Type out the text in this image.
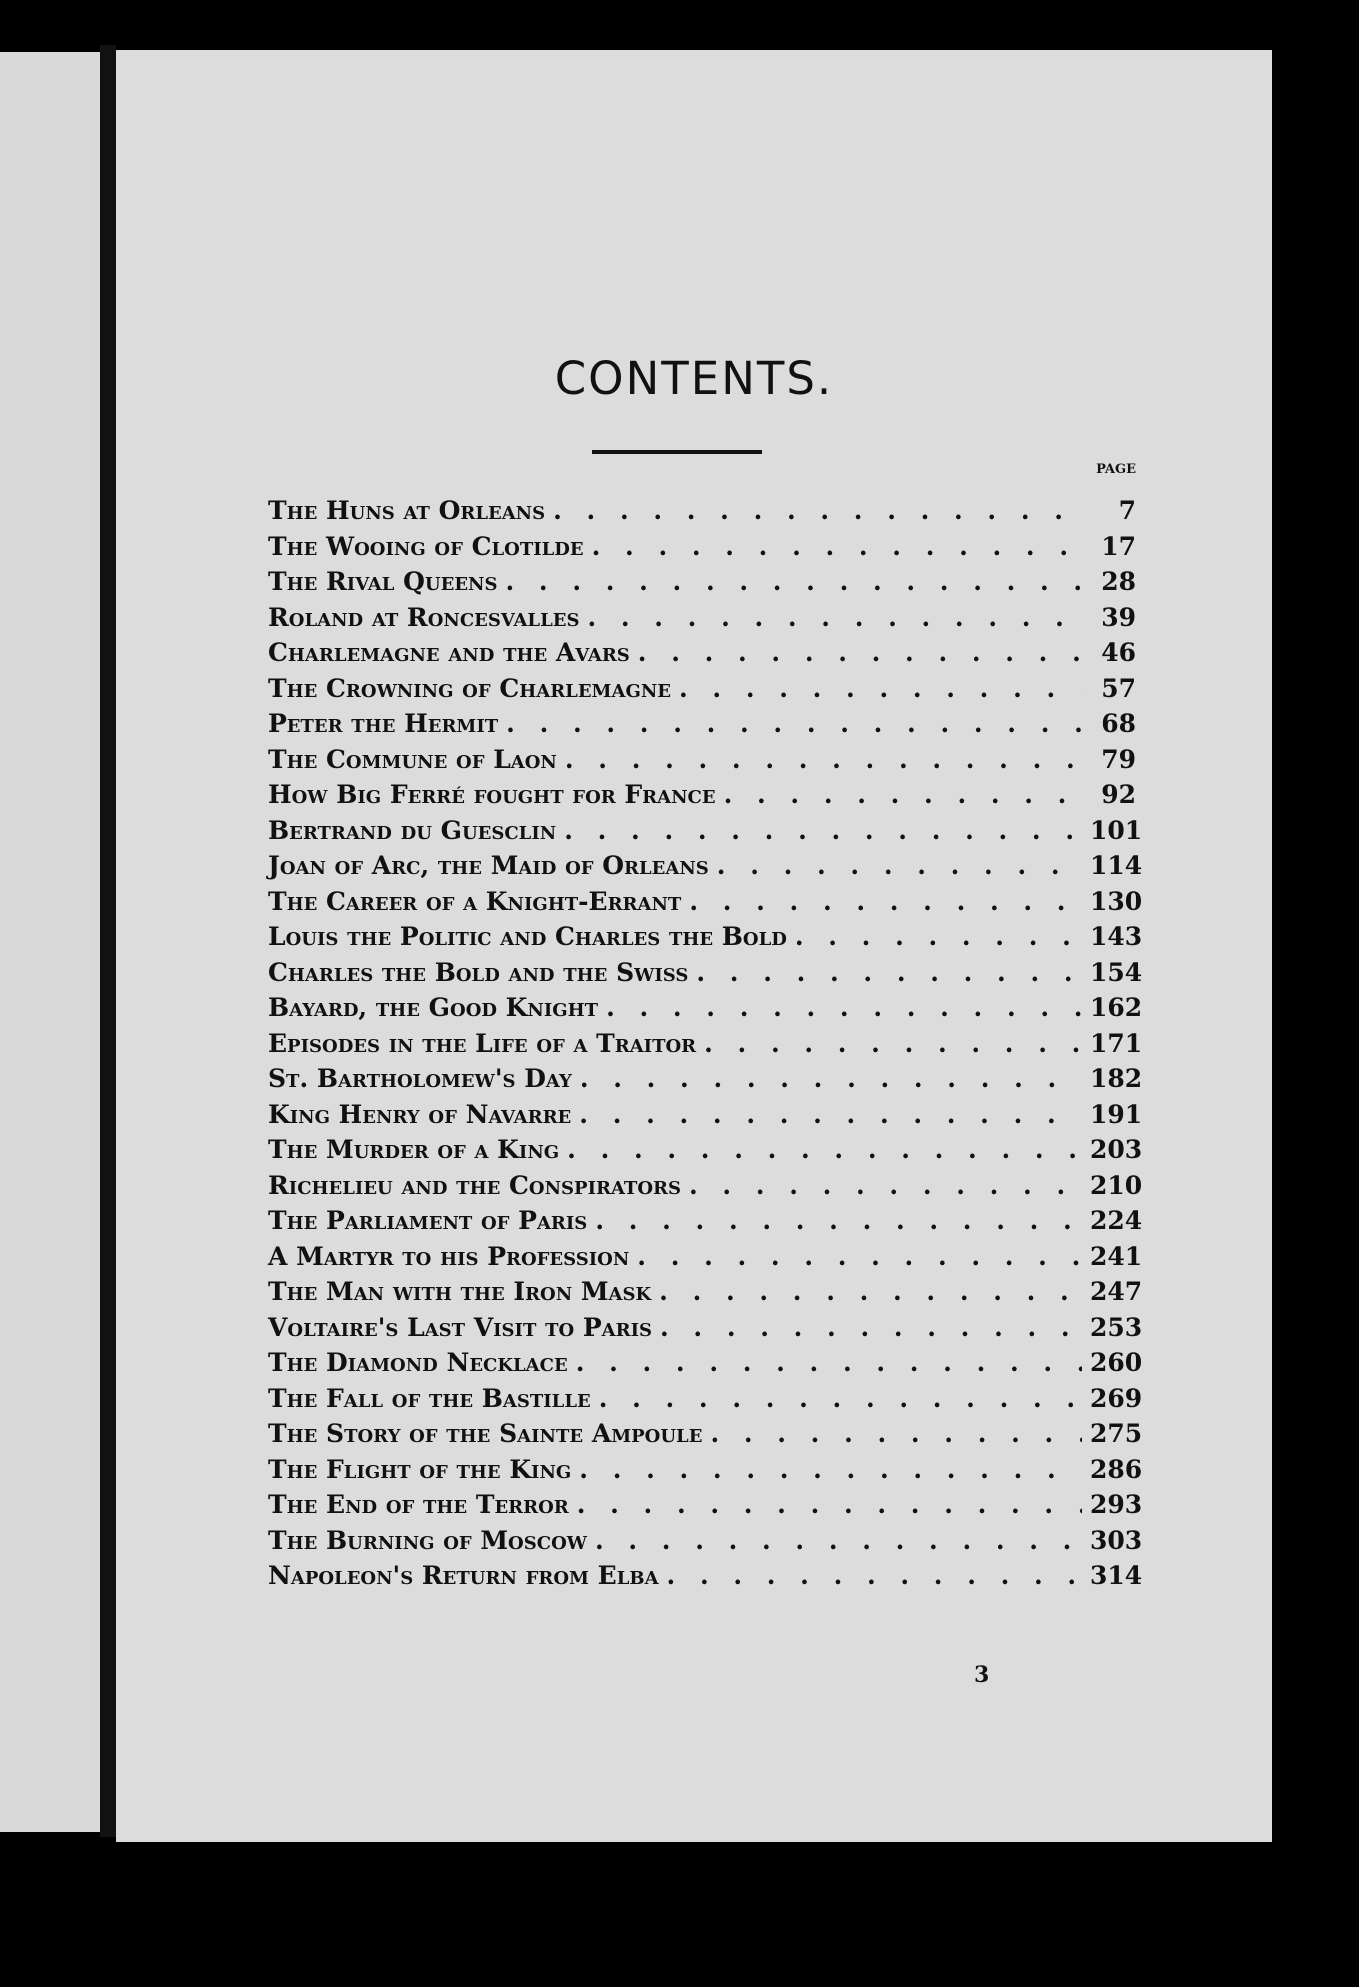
CONTENTS.
PAGE
The Huns at Orleans . . .	7
The Wooing of Clotilde . . .	17
The Rival Queens . . .	28
Roland at Roncesvalles . . .	39
Charlemagne and the Avars . . .	46
The Crowning of Charlemagne . . .	57
Peter the Hermit . . .	68
The Commune of Laon . . .	79
How Big Ferré fought for France . . .	92
Bertrand du Guesclin . . .	101
Joan of Arc, the Maid of Orleans . . .	114
The Career of a Knight-Errant . . .	130
Louis the Politic and Charles the Bold . . .	143
Charles the Bold and the Swiss . . .	154
Bayard, the Good Knight . . .	162
Episodes in the Life of a Traitor . . .	171
St. Bartholomew's Day . . .	182
King Henry of Navarre . . .	191
The Murder of a King . . .	203
Richelieu and the Conspirators . . .	210
The Parliament of Paris . . .	224
A Martyr to his Profession . . .	241
The Man with the Iron Mask . . .	247
Voltaire's Last Visit to Paris . . .	253
The Diamond Necklace . . .	260
The Fall of the Bastille . . .	269
The Story of the Sainte Ampoule . . .	275
The Flight of the King . . .	286
The End of the Terror . . .	293
The Burning of Moscow . . .	303
Napoleon's Return from Elba . . .	314
3
